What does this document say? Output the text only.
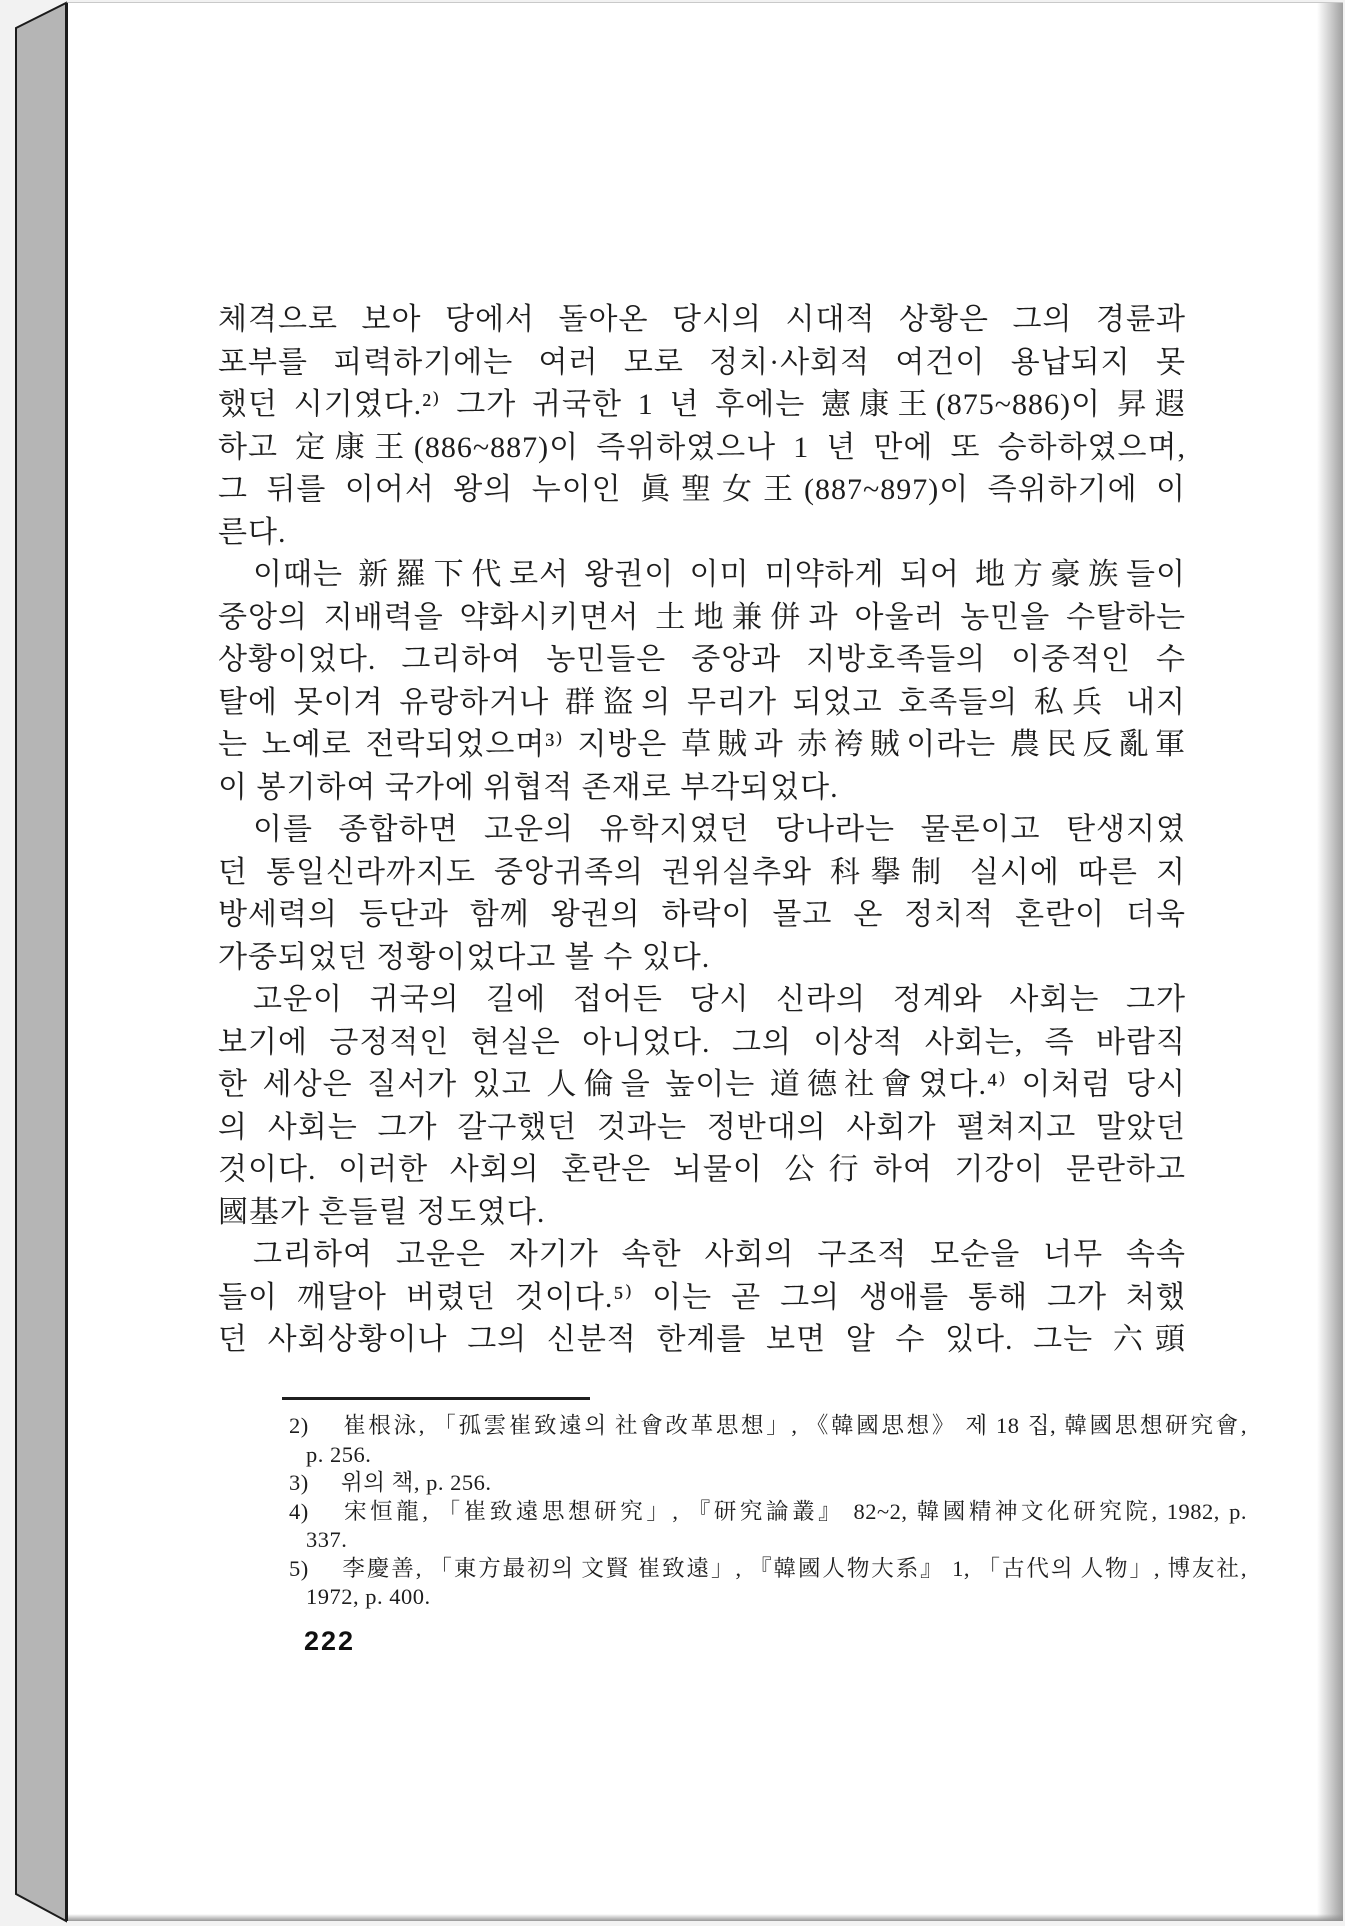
체격으로 보아 당에서 돌아온 당시의 시대적 상황은 그의 경륜과
포부를 피력하기에는 여러 모로 정치·사회적 여건이 용납되지 못
했던 시기였다.²⁾ 그가 귀국한 1 년 후에는 憲康王(875~886)이 昇遐
하고 定康王(886~887)이 즉위하였으나 1 년 만에 또 승하하였으며,
그 뒤를 이어서 왕의 누이인 眞聖女王(887~897)이 즉위하기에 이
른다.
이때는 新羅下代로서 왕권이 이미 미약하게 되어 地方豪族들이
중앙의 지배력을 약화시키면서 土地兼併과 아울러 농민을 수탈하는
상황이었다. 그리하여 농민들은 중앙과 지방호족들의 이중적인 수
탈에 못이겨 유랑하거나 群盜의 무리가 되었고 호족들의 私兵 내지
는 노예로 전락되었으며³⁾ 지방은 草賊과 赤袴賊이라는 農民反亂軍
이 봉기하여 국가에 위협적 존재로 부각되었다.
이를 종합하면 고운의 유학지였던 당나라는 물론이고 탄생지였
던 통일신라까지도 중앙귀족의 권위실추와 科擧制 실시에 따른 지
방세력의 등단과 함께 왕권의 하락이 몰고 온 정치적 혼란이 더욱
가중되었던 정황이었다고 볼 수 있다.
고운이 귀국의 길에 접어든 당시 신라의 정계와 사회는 그가
보기에 긍정적인 현실은 아니었다. 그의 이상적 사회는, 즉 바람직
한 세상은 질서가 있고 人倫을 높이는 道德社會였다.⁴⁾ 이처럼 당시
의 사회는 그가 갈구했던 것과는 정반대의 사회가 펼쳐지고 말았던
것이다. 이러한 사회의 혼란은 뇌물이 公行하여 기강이 문란하고
國基가 흔들릴 정도였다.
그리하여 고운은 자기가 속한 사회의 구조적 모순을 너무 속속
들이 깨달아 버렸던 것이다.⁵⁾ 이는 곧 그의 생애를 통해 그가 처했
던 사회상황이나 그의 신분적 한계를 보면 알 수 있다. 그는 六頭
2) 崔根泳, 「孤雲崔致遠의 社會改革思想」, 《韓國思想》 제 18 집, 韓國思想研究會,
p. 256.
3) 위의 책, p. 256.
4) 宋恒龍, 「崔致遠思想研究」, 『研究論叢』 82~2, 韓國精神文化研究院, 1982, p.
337.
5) 李慶善, 「東方最初의 文賢 崔致遠」, 『韓國人物大系』 1, 「古代의 人物」, 博友社,
1972, p. 400.
222
